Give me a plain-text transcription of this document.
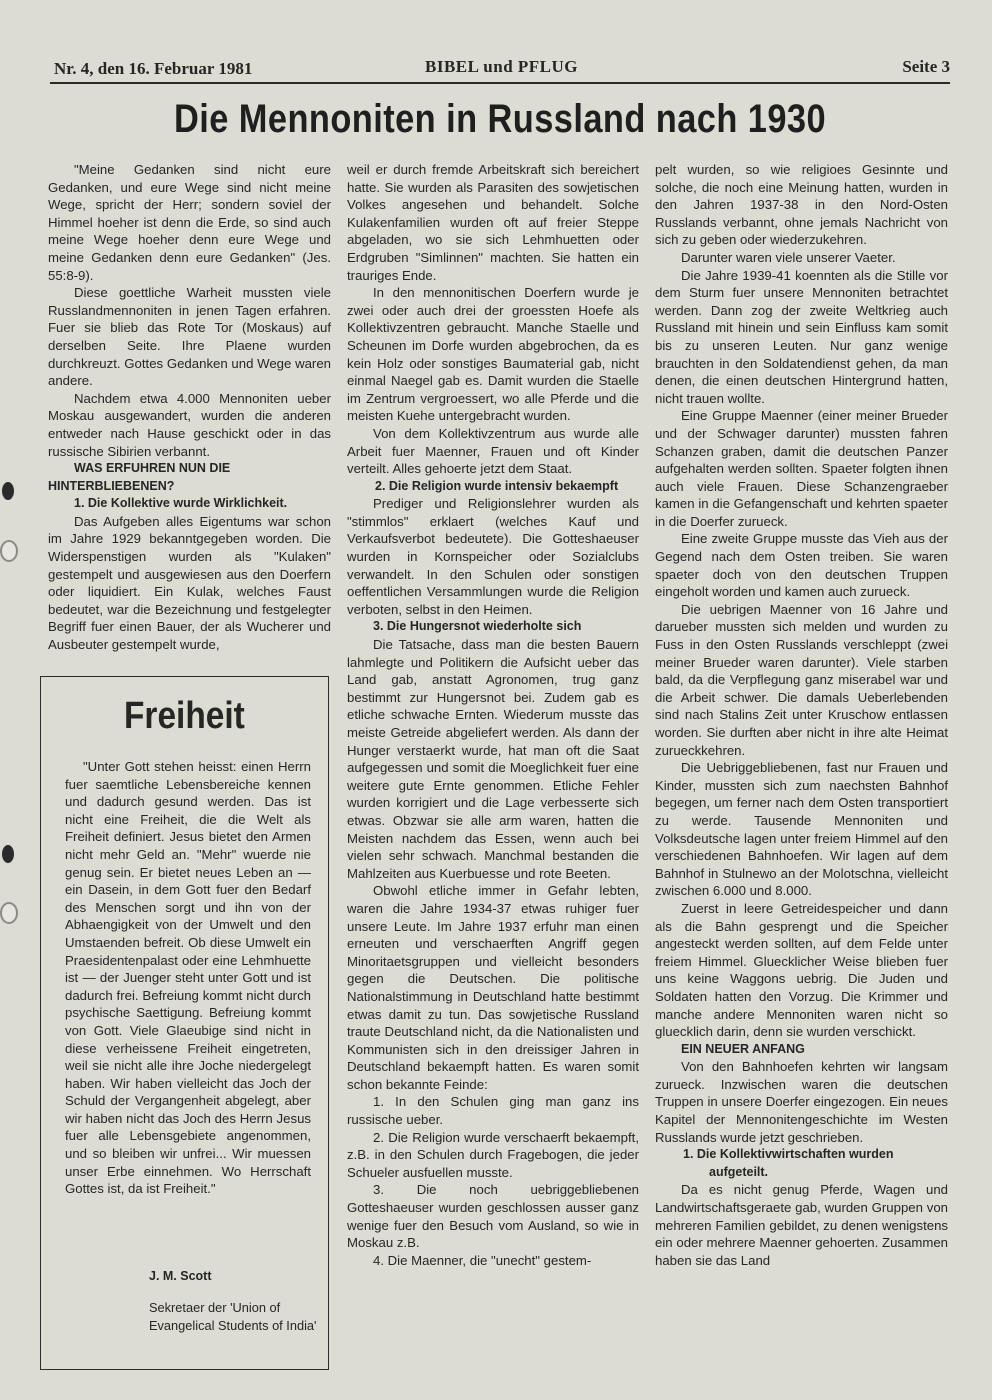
Nr. 4, den 16. Februar 1981	BIBEL und PFLUG	Seite 3
Die Mennoniten in Russland nach 1930

"Meine Gedanken sind nicht eure Gedanken, und eure Wege sind nicht meine Wege, spricht der Herr; sondern soviel der Himmel hoeher ist denn die Erde, so sind auch meine Wege hoeher denn eure Wege und meine Gedanken denn eure Gedanken" (Jes. 55:8-9).

Diese goettliche Warheit mussten viele Russlandmennoniten in jenen Tagen erfahren. Fuer sie blieb das Rote Tor (Moskaus) auf derselben Seite. Ihre Plaene wurden durchkreuzt. Gottes Gedanken und Wege waren andere.

Nachdem etwa 4.000 Mennoniten ueber Moskau ausgewandert, wurden die anderen entweder nach Hause geschickt oder in das russische Sibirien verbannt.

WAS ERFUHREN NUN DIE HINTERBLIEBENEN?
1. Die Kollektive wurde Wirklichkeit.

Das Aufgeben alles Eigentums war schon im Jahre 1929 bekanntgegeben worden. Die Widerspenstigen wurden als "Kulaken" gestempelt und ausgewiesen aus den Doerfern oder liquidiert. Ein Kulak, welches Faust bedeutet, war die Bezeichnung und festgelegter Begriff fuer einen Bauer, der als Wucherer und Ausbeuter gestempelt wurde,

Freiheit

"Unter Gott stehen heisst: einen Herrn fuer saemtliche Lebensbereiche kennen und dadurch gesund werden. Das ist nicht eine Freiheit, die die Welt als Freiheit definiert. Jesus bietet den Armen nicht mehr Geld an. "Mehr" wuerde nie genug sein. Er bietet neues Leben an — ein Dasein, in dem Gott fuer den Bedarf des Menschen sorgt und ihn von der Abhaengigkeit von der Umwelt und den Umstaenden befreit. Ob diese Umwelt ein Praesidentenpalast oder eine Lehmhuette ist — der Juenger steht unter Gott und ist dadurch frei. Befreiung kommt nicht durch psychische Saettigung. Befreiung kommt von Gott. Viele Glaeubige sind nicht in diese verheissene Freiheit eingetreten, weil sie nicht alle ihre Joche niedergelegt haben. Wir haben vielleicht das Joch der Schuld der Vergangenheit abgelegt, aber wir haben nicht das Joch des Herrn Jesus fuer alle Lebensgebiete angenommen, und so bleiben wir unfrei... Wir muessen unser Erbe einnehmen. Wo Herrschaft Gottes ist, da ist Freiheit."

J. M. Scott
Sekretaer der 'Union of Evangelical Students of India'

weil er durch fremde Arbeitskraft sich bereichert hatte. Sie wurden als Parasiten des sowjetischen Volkes angesehen und behandelt. Solche Kulakenfamilien wurden oft auf freier Steppe abgeladen, wo sie sich Lehmhuetten oder Erdgruben "Simlinnen" machten. Sie hatten ein trauriges Ende.

In den mennonitischen Doerfern wurde je zwei oder auch drei der groessten Hoefe als Kollektivzentren gebraucht. Manche Staelle und Scheunen im Dorfe wurden abgebrochen, da es kein Holz oder sonstiges Baumaterial gab, nicht einmal Naegel gab es. Damit wurden die Staelle im Zentrum vergroessert, wo alle Pferde und die meisten Kuehe untergebracht wurden.

Von dem Kollektivzentrum aus wurde alle Arbeit fuer Maenner, Frauen und oft Kinder verteilt. Alles gehoerte jetzt dem Staat.

2. Die Religion wurde intensiv bekaempft

Prediger und Religionslehrer wurden als "stimmlos" erklaert (welches Kauf und Verkaufsverbot bedeutete). Die Gotteshaeuser wurden in Kornspeicher oder Sozialclubs verwandelt. In den Schulen oder sonstigen oeffentlichen Versammlungen wurde die Religion verboten, selbst in den Heimen.

3. Die Hungersnot wiederholte sich

Die Tatsache, dass man die besten Bauern lahmlegte und Politikern die Aufsicht ueber das Land gab, anstatt Agronomen, trug ganz bestimmt zur Hungersnot bei. Zudem gab es etliche schwache Ernten. Wiederum musste das meiste Getreide abgeliefert werden. Als dann der Hunger verstaerkt wurde, hat man oft die Saat aufgegessen und somit die Moeglichkeit fuer eine weitere gute Ernte genommen. Etliche Fehler wurden korrigiert und die Lage verbesserte sich etwas. Obzwar sie alle arm waren, hatten die Meisten nachdem das Essen, wenn auch bei vielen sehr schwach. Manchmal bestanden die Mahlzeiten aus Kuerbuesse und rote Beeten.

Obwohl etliche immer in Gefahr lebten, waren die Jahre 1934-37 etwas ruhiger fuer unsere Leute. Im Jahre 1937 erfuhr man einen erneuten und verschaerften Angriff gegen Minoritaetsgruppen und vielleicht besonders gegen die Deutschen. Die politische Nationalstimmung in Deutschland hatte bestimmt etwas damit zu tun. Das sowjetische Russland traute Deutschland nicht, da die Nationalisten und Kommunisten sich in den dreissiger Jahren in Deutschland bekaempft hatten. Es waren somit schon bekannte Feinde:

1. In den Schulen ging man ganz ins russische ueber.

2. Die Religion wurde verschaerft bekaempft, z.B. in den Schulen durch Fragebogen, die jeder Schueler ausfuellen musste.

3. Die noch uebriggebliebenen Gotteshaeuser wurden geschlossen ausser ganz wenige fuer den Besuch vom Ausland, so wie in Moskau z.B.

4. Die Maenner, die "unecht" gestem-

pelt wurden, so wie religioes Gesinnte und solche, die noch eine Meinung hatten, wurden in den Jahren 1937-38 in den Nord-Osten Russlands verbannt, ohne jemals Nachricht von sich zu geben oder wiederzukehren.

Darunter waren viele unserer Vaeter.

Die Jahre 1939-41 koennten als die Stille vor dem Sturm fuer unsere Mennoniten betrachtet werden. Dann zog der zweite Weltkrieg auch Russland mit hinein und sein Einfluss kam somit bis zu unseren Leuten. Nur ganz wenige brauchten in den Soldatendienst gehen, da man denen, die einen deutschen Hintergrund hatten, nicht trauen wollte.

Eine Gruppe Maenner (einer meiner Brueder und der Schwager darunter) mussten fahren Schanzen graben, damit die deutschen Panzer aufgehalten werden sollten. Spaeter folgten ihnen auch viele Frauen. Diese Schanzengraeber kamen in die Gefangenschaft und kehrten spaeter in die Doerfer zurueck.

Eine zweite Gruppe musste das Vieh aus der Gegend nach dem Osten treiben. Sie waren spaeter doch von den deutschen Truppen eingeholt worden und kamen auch zurueck.

Die uebrigen Maenner von 16 Jahre und darueber mussten sich melden und wurden zu Fuss in den Osten Russlands verschleppt (zwei meiner Brueder waren darunter). Viele starben bald, da die Verpflegung ganz miserabel war und die Arbeit schwer. Die damals Ueberlebenden sind nach Stalins Zeit unter Kruschow entlassen worden. Sie durften aber nicht in ihre alte Heimat zurueckkehren.

Die Uebriggebliebenen, fast nur Frauen und Kinder, mussten sich zum naechsten Bahnhof begegen, um ferner nach dem Osten transportiert zu werde. Tausende Mennoniten und Volksdeutsche lagen unter freiem Himmel auf den verschiedenen Bahnhoefen. Wir lagen auf dem Bahnhof in Stulnewo an der Molotschna, vielleicht zwischen 6.000 und 8.000.

Zuerst in leere Getreidespeicher und dann als die Bahn gesprengt und die Speicher angesteckt werden sollten, auf dem Felde unter freiem Himmel. Gluecklicher Weise blieben fuer uns keine Waggons uebrig. Die Juden und Soldaten hatten den Vorzug. Die Krimmer und manche andere Mennoniten waren nicht so gluecklich darin, denn sie wurden verschickt.

EIN NEUER ANFANG

Von den Bahnhoefen kehrten wir langsam zurueck. Inzwischen waren die deutschen Truppen in unsere Doerfer eingezogen. Ein neues Kapitel der Mennonitengeschichte im Westen Russlands wurde jetzt geschrieben.

1. Die Kollektivwirtschaften wurden aufgeteilt.

Da es nicht genug Pferde, Wagen und Landwirtschaftsgeraete gab, wurden Gruppen von mehreren Familien gebildet, zu denen wenigstens ein oder mehrere Maenner gehoerten. Zusammen haben sie das Land
